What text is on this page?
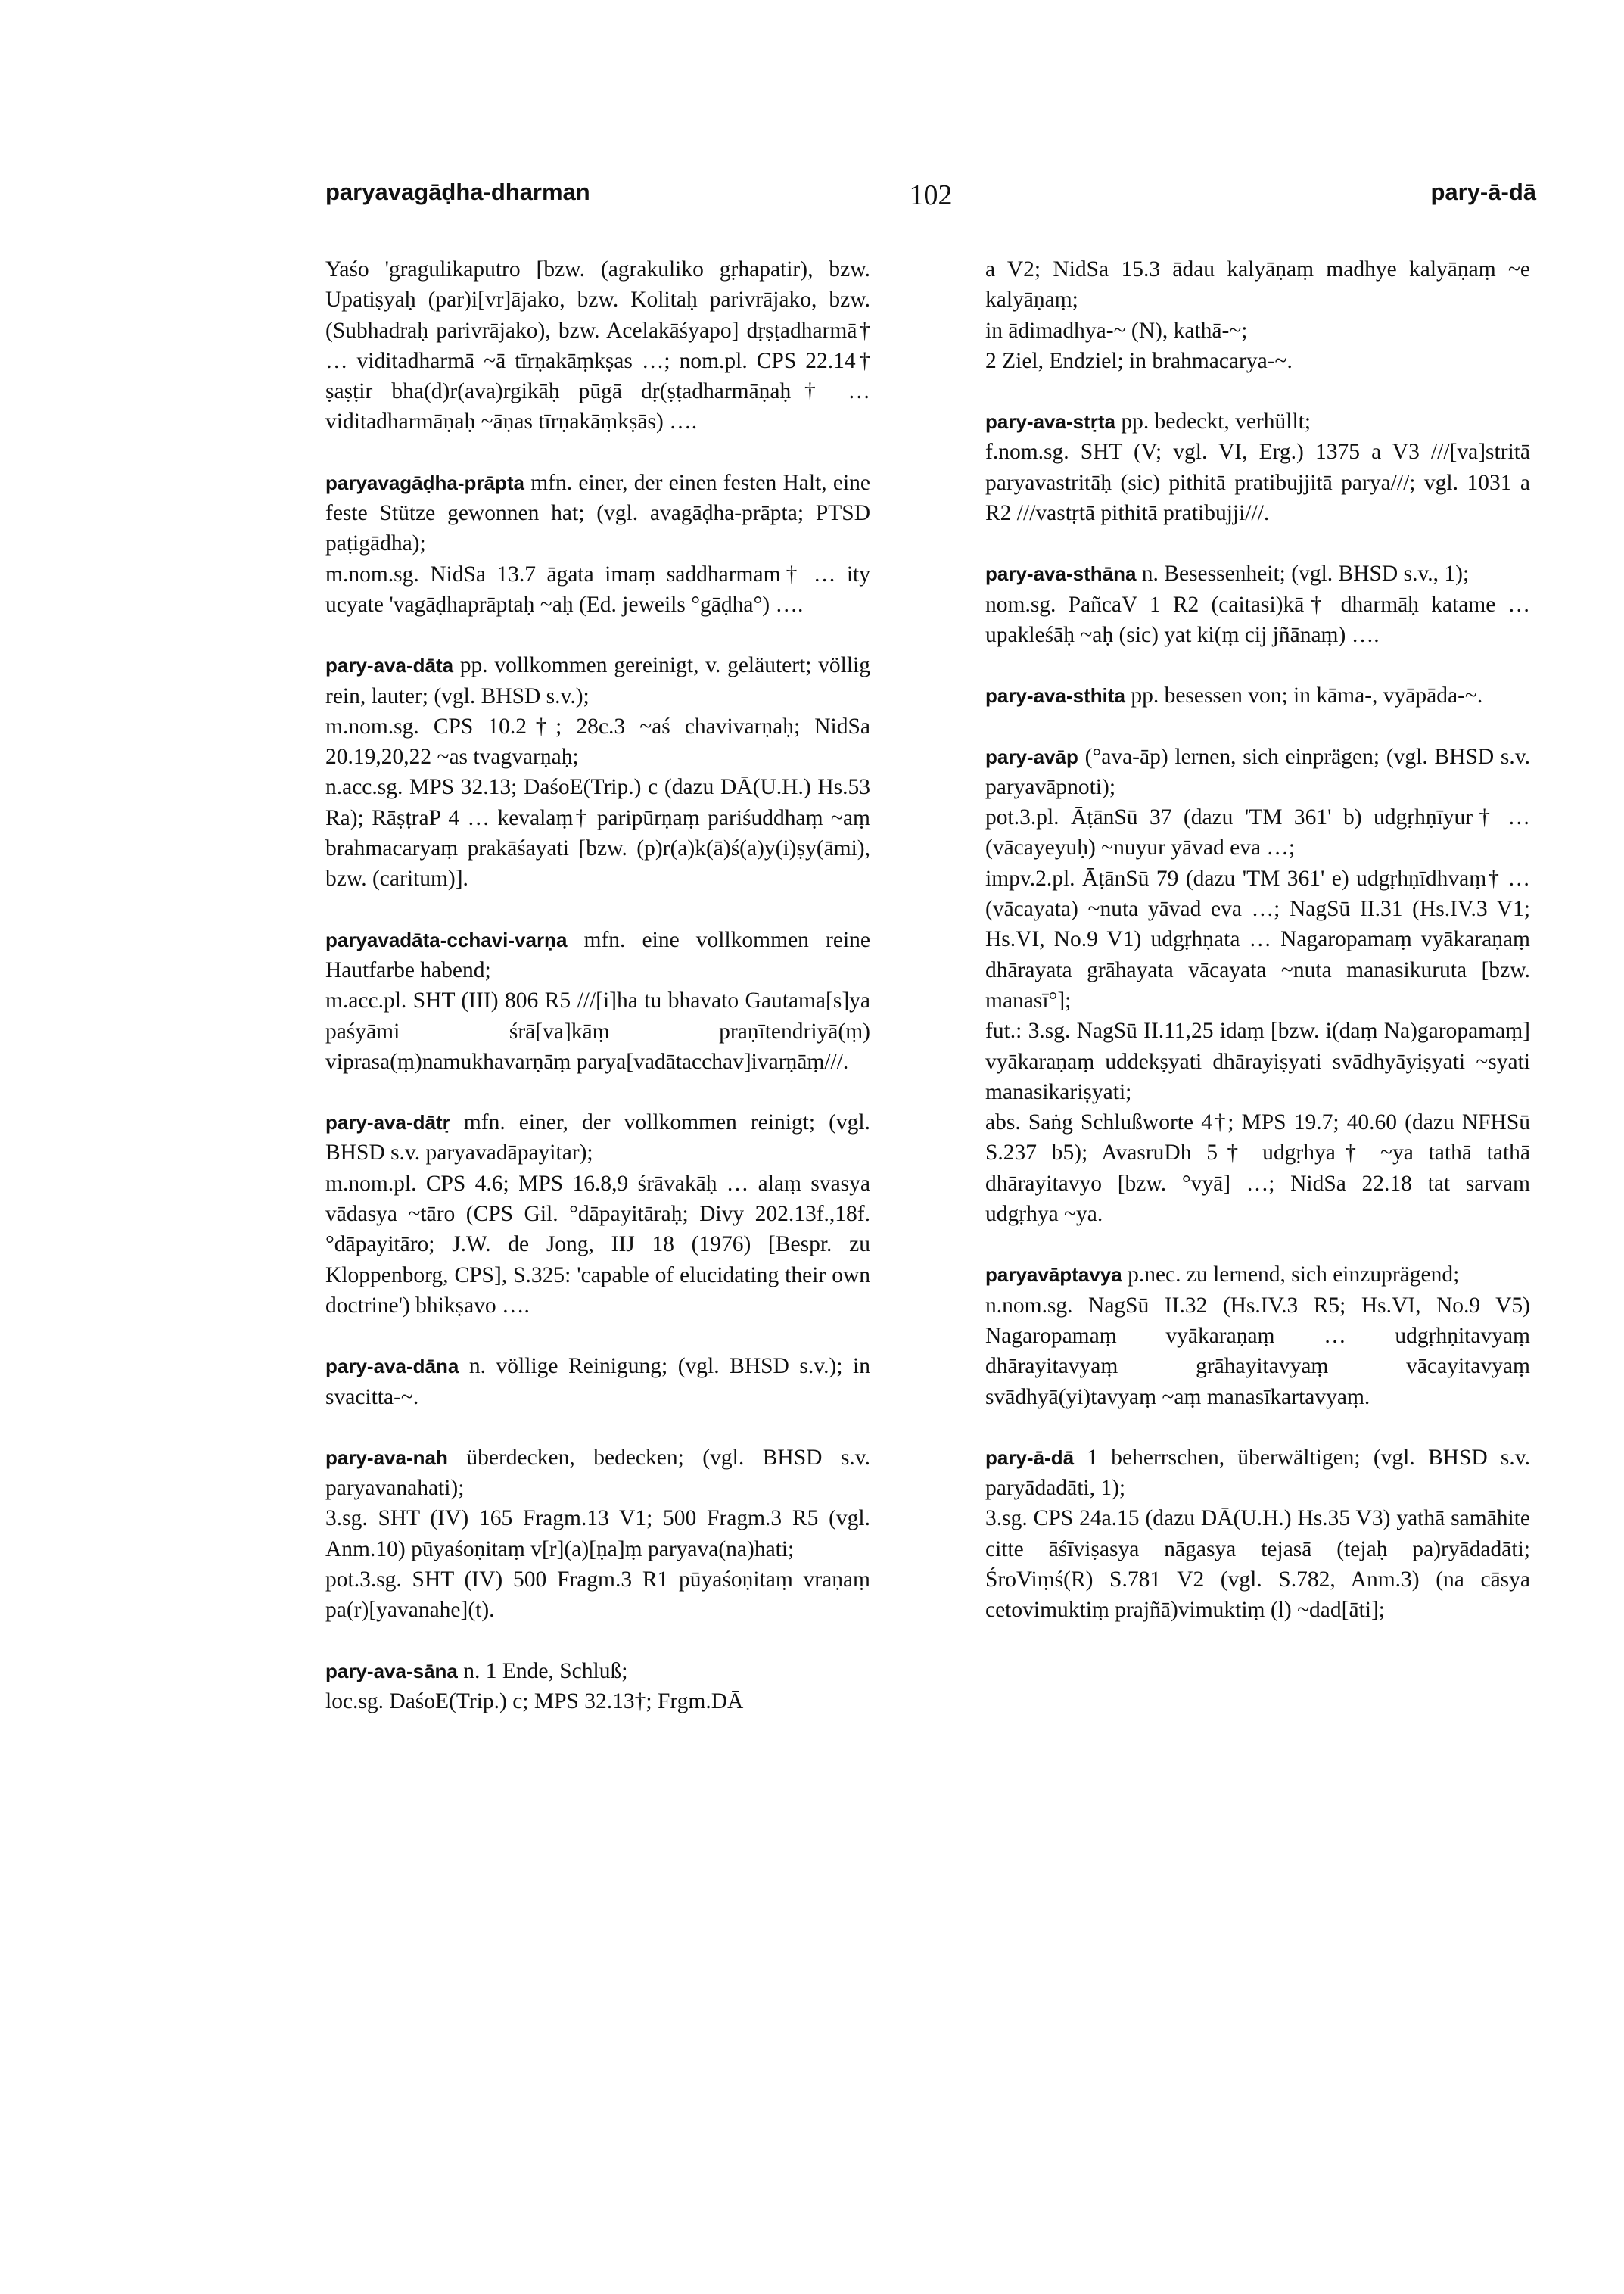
paryavagāḍha-dharman	102	pary-ā-dā

Yaśo 'gragulikaputro [bzw. (agrakuliko gṛhapatir), bzw. Upatiṣyaḥ (par)i[vr]ājako, bzw. Kolitaḥ parivrājako, bzw. (Subhadraḥ parivrājako), bzw. Acelakāśyapo] dṛṣṭadharmā† … viditadharmā ~ā tīrṇakāṃkṣas …; nom.pl. CPS 22.14† ṣaṣṭir bha(d)r(ava)rgikāḥ pūgā dṛ(ṣṭadharmāṇaḥ† … viditadharmāṇaḥ ~āṇas tīrṇakāṃkṣās) ….

paryavagāḍha-prāpta mfn. einer, der einen festen Halt, eine feste Stütze gewonnen hat; (vgl. avagāḍha-prāpta; PTSD paṭigādha);

m.nom.sg. NidSa 13.7 āgata imaṃ saddharmam† … ity ucyate 'vagāḍhaprāptaḥ ~aḥ (Ed. jeweils °gāḍha°) ….

pary-ava-dāta pp. vollkommen gereinigt, v. geläutert; völlig rein, lauter; (vgl. BHSD s.v.);

m.nom.sg. CPS 10.2†; 28c.3 ~aś chavivarṇaḥ; NidSa 20.19,20,22 ~as tvagvarṇaḥ;

n.acc.sg. MPS 32.13; DaśoE(Trip.) c (dazu DĀ(U.H.) Hs.53 Ra); RāṣṭraP 4 … kevalaṃ† paripūrṇaṃ pariśuddhaṃ ~aṃ brahmacaryaṃ prakāśayati [bzw. (p)r(a)k(ā)ś(a)y(i)ṣy(āmi), bzw. (caritum)].

paryavadāta-cchavi-varṇa mfn. eine vollkommen reine Hautfarbe habend;

m.acc.pl. SHT (III) 806 R5 ///[i]ha tu bhavato Gautama[s]ya paśyāmi śrā[va]kāṃ praṇītendriyā(ṃ) viprasa(ṃ)namukhavarṇāṃ parya[vadātacchav]ivarṇāṃ///.

pary-ava-dātṛ mfn. einer, der vollkommen reinigt; (vgl. BHSD s.v. paryavadāpayitar);

m.nom.pl. CPS 4.6; MPS 16.8,9 śrāvakāḥ … alaṃ svasya vādasya ~tāro (CPS Gil. °dāpayitāraḥ; Divy 202.13f.,18f. °dāpayitāro; J.W. de Jong, IIJ 18 (1976) [Bespr. zu Kloppenborg, CPS], S.325: 'capable of elucidating their own doctrine') bhikṣavo ….

pary-ava-dāna n. völlige Reinigung; (vgl. BHSD s.v.); in svacitta-~.

pary-ava-nah überdecken, bedecken; (vgl. BHSD s.v. paryavanahati);

3.sg. SHT (IV) 165 Fragm.13 V1; 500 Fragm.3 R5 (vgl. Anm.10) pūyaśoṇitaṃ v[r](a)[ṇa]ṃ paryava(na)hati;

pot.3.sg. SHT (IV) 500 Fragm.3 R1 pūyaśoṇitaṃ vraṇaṃ pa(r)[yavanahe](t).

pary-ava-sāna n. 1 Ende, Schluß;

loc.sg. DaśoE(Trip.) c; MPS 32.13†; Frgm.DĀ

a V2; NidSa 15.3 ādau kalyāṇaṃ madhye kalyāṇaṃ ~e kalyāṇaṃ;

in ādimadhya-~ (N), kathā-~;

2 Ziel, Endziel; in brahmacarya-~.

pary-ava-stṛta pp. bedeckt, verhüllt;

f.nom.sg. SHT (V; vgl. VI, Erg.) 1375 a V3 ///[va]stritā paryavastritāḥ (sic) pithitā pratibujjitā parya///; vgl. 1031 a R2 ///vastṛtā pithitā pratibujji///.

pary-ava-sthāna n. Besessenheit; (vgl. BHSD s.v., 1);

nom.sg. PañcaV 1 R2 (caitasi)kā† dharmāḥ katame … upakleśāḥ ~aḥ (sic) yat ki(ṃ cij jñānaṃ) ….

pary-ava-sthita pp. besessen von; in kāma-, vyāpāda-~.

pary-avāp (°ava-āp) lernen, sich einprägen; (vgl. BHSD s.v. paryavāpnoti);

pot.3.pl. ĀṭānSū 37 (dazu 'TM 361' b) udgṛhṇīyur† … (vācayeyuḥ) ~nuyur yāvad eva …;

impv.2.pl. ĀṭānSū 79 (dazu 'TM 361' e) udgṛhṇīdhvaṃ† … (vācayata) ~nuta yāvad eva …; NagSū II.31 (Hs.IV.3 V1; Hs.VI, No.9 V1) udgṛhṇata … Nagaropamaṃ vyākaraṇaṃ dhārayata grāhayata vācayata ~nuta manasikuruta [bzw. manasī°];

fut.: 3.sg. NagSū II.11,25 idaṃ [bzw. i(daṃ Na)garopamaṃ] vyākaraṇaṃ uddekṣyati dhārayiṣyati svādhyāyiṣyati ~syati manasikariṣyati;

abs. Saṅg Schlußworte 4†; MPS 19.7; 40.60 (dazu NFHSū S.237 b5); AvasruDh 5† udgṛhya† ~ya tathā tathā dhārayitavyo [bzw. °vyā] …; NidSa 22.18 tat sarvam udgṛhya ~ya.

paryavāptavya p.nec. zu lernend, sich einzuprägend;

n.nom.sg. NagSū II.32 (Hs.IV.3 R5; Hs.VI, No.9 V5) Nagaropamaṃ vyākaraṇaṃ … udgṛhṇitavyaṃ dhārayitavyaṃ grāhayitavyaṃ vācayitavyaṃ svādhyā(yi)tavyaṃ ~aṃ manasīkartavyaṃ.

pary-ā-dā 1 beherrschen, überwältigen; (vgl. BHSD s.v. paryādadāti, 1);

3.sg. CPS 24a.15 (dazu DĀ(U.H.) Hs.35 V3) yathā samāhite citte āśīviṣasya nāgasya tejasā (tejaḥ pa)ryādadāti; ŚroViṃś(R) S.781 V2 (vgl. S.782, Anm.3) (na cāsya cetovimuktiṃ prajñā)vimuktiṃ (l) ~dad[āti];
